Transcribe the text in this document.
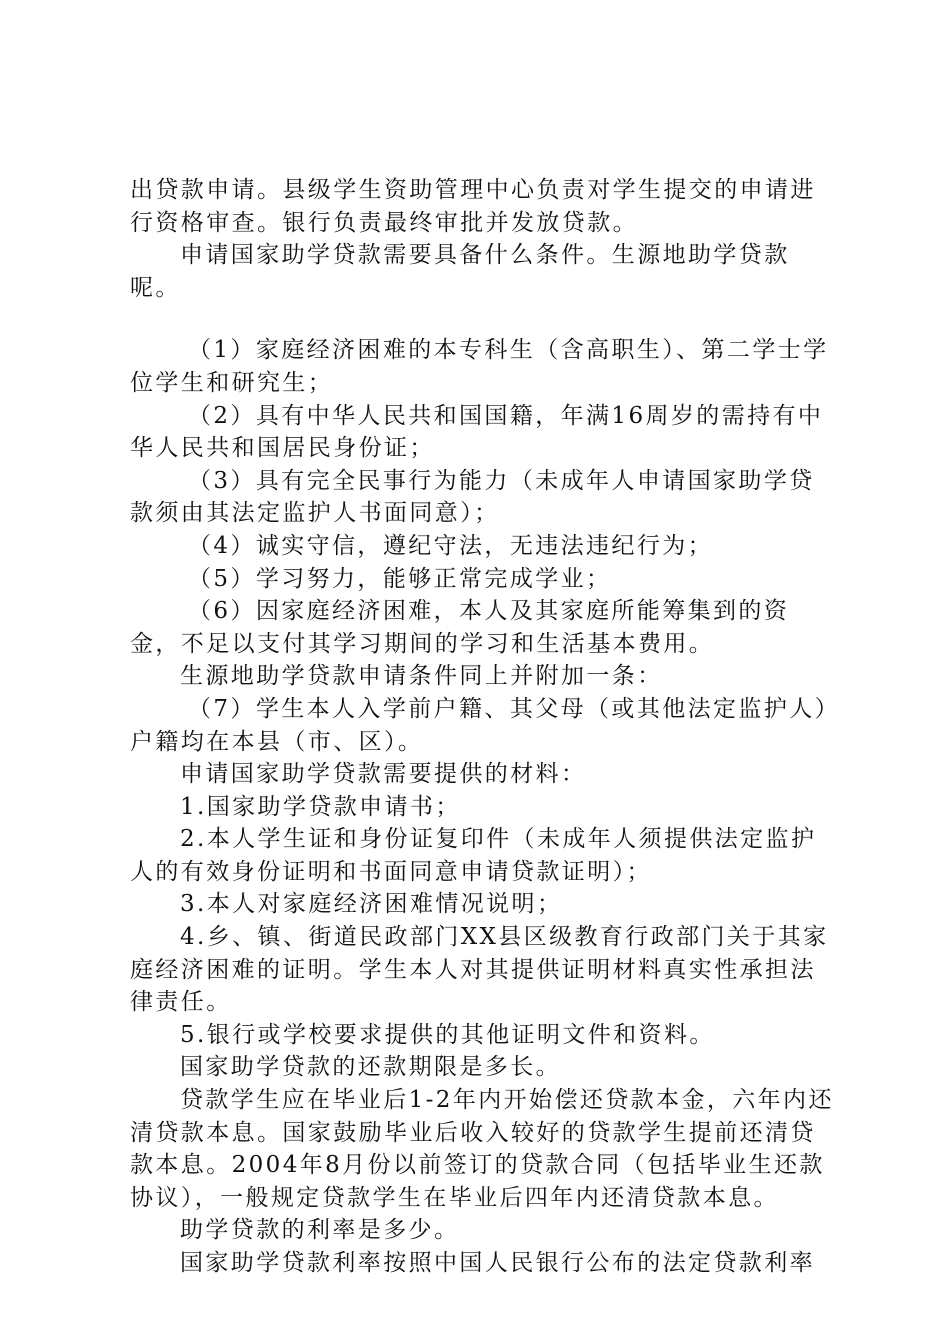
出贷款申请。县级学生资助管理中心负责对学生提交的申请进行资格审查。银行负责最终审批并发放贷款。

申请国家助学贷款需要具备什么条件。生源地助学贷款呢。

（1）家庭经济困难的本专科生（含高职生）、第二学士学位学生和研究生；

（2）具有中华人民共和国国籍，年满16周岁的需持有中华人民共和国居民身份证；

（3）具有完全民事行为能力（未成年人申请国家助学贷款须由其法定监护人书面同意）；

（4）诚实守信，遵纪守法，无违法违纪行为；

（5）学习努力，能够正常完成学业；

（6）因家庭经济困难，本人及其家庭所能筹集到的资金，不足以支付其学习期间的学习和生活基本费用。

生源地助学贷款申请条件同上并附加一条：

（7）学生本人入学前户籍、其父母（或其他法定监护人）户籍均在本县（市、区）。

申请国家助学贷款需要提供的材料：

1.国家助学贷款申请书；

2.本人学生证和身份证复印件（未成年人须提供法定监护人的有效身份证明和书面同意申请贷款证明）；

3.本人对家庭经济困难情况说明；

4.乡、镇、街道民政部门XX县区级教育行政部门关于其家庭经济困难的证明。学生本人对其提供证明材料真实性承担法律责任。

5.银行或学校要求提供的其他证明文件和资料。

国家助学贷款的还款期限是多长。

贷款学生应在毕业后1-2年内开始偿还贷款本金，六年内还清贷款本息。国家鼓励毕业后收入较好的贷款学生提前还清贷款本息。2004年8月份以前签订的贷款合同（包括毕业生还款协议），一般规定贷款学生在毕业后四年内还清贷款本息。

助学贷款的利率是多少。

国家助学贷款利率按照中国人民银行公布的法定贷款利率
